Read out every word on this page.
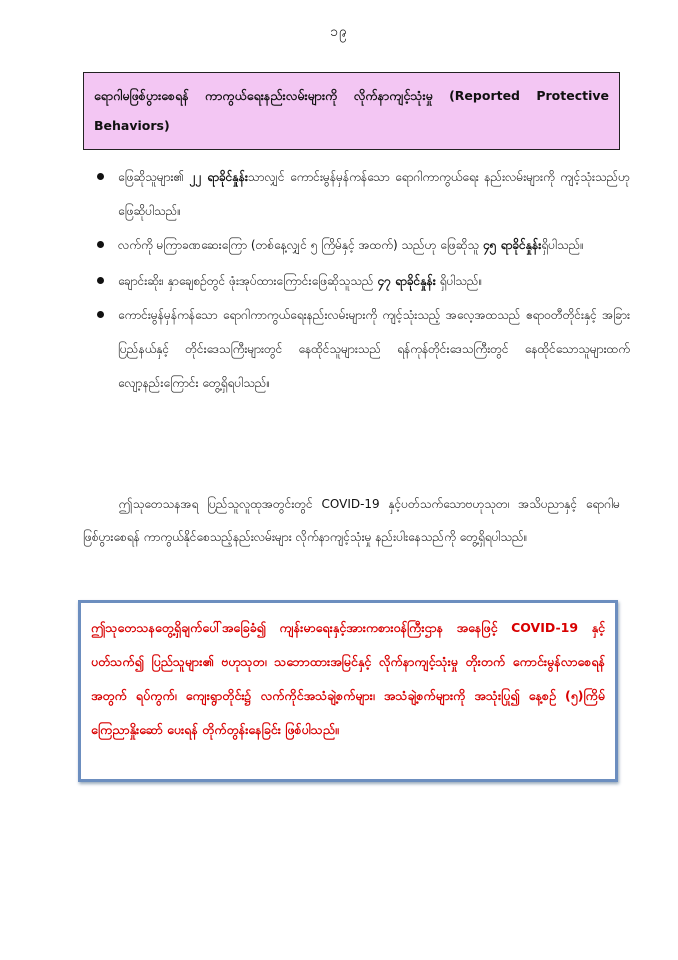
၁၉
ရောဂါမဖြစ်ပွားစေရန် ကာကွယ်ရေးနည်းလမ်းများကို လိုက်နာကျင့်သုံးမှု (Reported Protective Behaviors)
ဖြေဆိုသူများ၏ ၂၂ ရာခိုင်နှုန်းသာလျှင် ကောင်းမွန်မှန်ကန်သော ရောဂါကာကွယ်ရေး နည်းလမ်းများကို ကျင့်သုံးသည်ဟု ဖြေဆိုပါသည်။
လက်ကို မကြာခဏဆေးကြော (တစ်နေ့လျှင် ၅ ကြိမ်နှင့် အထက်) သည်ဟု ဖြေဆိုသူ ၄၅ ရာခိုင်နှုန်းရှိပါသည်။
ချောင်းဆိုး၊ နှာချေစဉ်တွင် ဖုံးအုပ်ထားကြောင်းဖြေဆိုသူသည် ၄၇ ရာခိုင်နှုန်း ရှိပါသည်။
ကောင်းမွန်မှန်ကန်သော ရောဂါကာကွယ်ရေးနည်းလမ်းများကို ကျင့်သုံးသည့် အလေ့အထသည် ဧရာဝတီတိုင်းနှင့် အခြားပြည်နယ်နှင့် တိုင်းဒေသကြီးများတွင် နေထိုင်သူများသည် ရန်ကုန်တိုင်းဒေသကြီးတွင် နေထိုင်သောသူများထက် လျော့နည်းကြောင်း တွေ့ရှိရပါသည်။

ဤသုတေသနအရ ပြည်သူလူထုအတွင်းတွင် COVID-19 နှင့်ပတ်သက်သောဗဟုသုတ၊ အသိပညာနှင့် ရောဂါမဖြစ်ပွားစေရန် ကာကွယ်နိုင်စေသည့်နည်းလမ်းများ လိုက်နာကျင့်သုံးမှု နည်းပါးနေသည်ကို တွေ့ရှိရပါသည်။

ဤသုတေသနတွေ့ရှိချက်ပေါ်အခြေခံ၍ ကျန်းမာရေးနှင့်အားကစားဝန်ကြီးဌာန အနေဖြင့် COVID-19 နှင့်ပတ်သက်၍ ပြည်သူများ၏ ဗဟုသုတ၊ သဘောထားအမြင်နှင့် လိုက်နာကျင့်သုံးမှု တိုးတက် ကောင်းမွန်လာစေရန်အတွက် ရပ်ကွက်၊ ကျေးရွာတိုင်း၌ လက်ကိုင်အသံချဲ့စက်များ၊ အသံချဲ့စက်များကို အသုံးပြု၍ နေ့စဉ် (၅)ကြိမ် ကြေညာနှိုးဆော် ပေးရန် တိုက်တွန်းနေခြင်း ဖြစ်ပါသည်။
